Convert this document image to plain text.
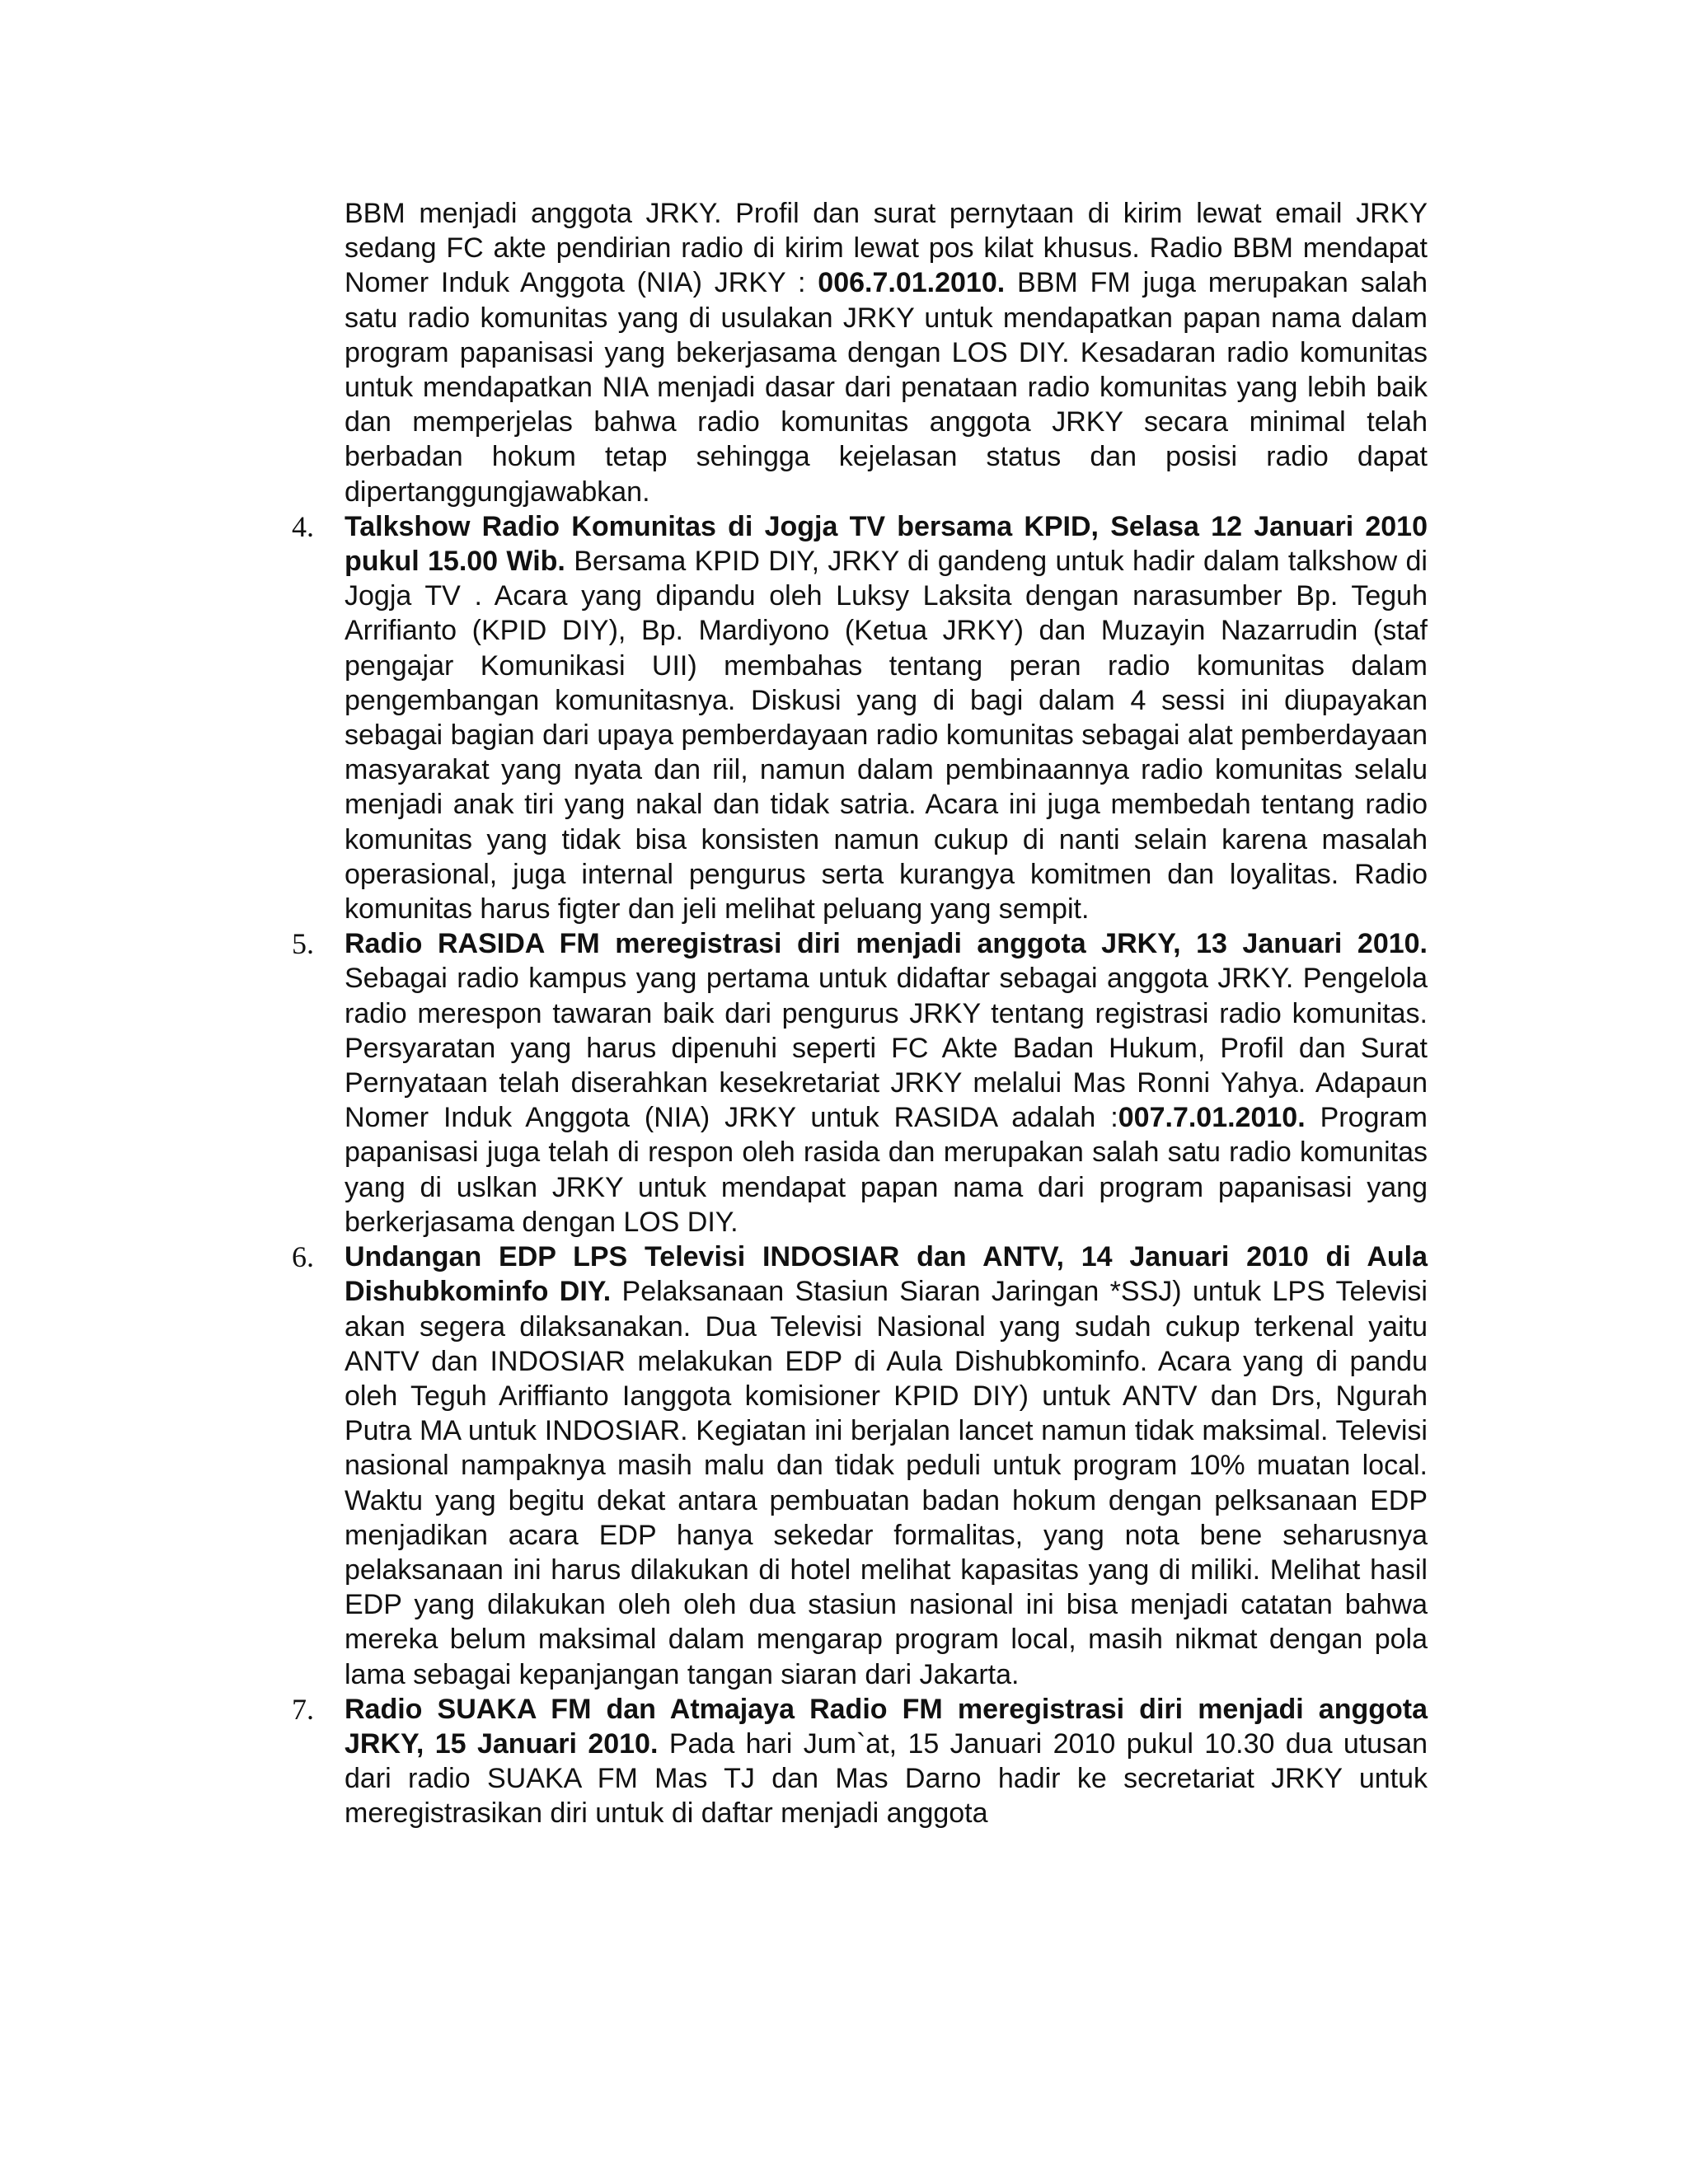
BBM menjadi anggota JRKY. Profil dan surat pernytaan di kirim lewat email JRKY sedang FC akte pendirian radio di kirim lewat pos kilat khusus. Radio BBM mendapat Nomer Induk Anggota (NIA) JRKY : 006.7.01.2010. BBM FM juga merupakan salah satu radio komunitas yang di usulakan JRKY untuk mendapatkan papan nama dalam program papanisasi yang bekerjasama dengan LOS DIY. Kesadaran radio komunitas untuk mendapatkan NIA menjadi dasar dari penataan radio komunitas yang lebih baik dan memperjelas bahwa radio komunitas anggota JRKY secara minimal telah berbadan hokum tetap sehingga kejelasan status dan posisi radio dapat dipertanggungjawabkan.

4. Talkshow Radio Komunitas di Jogja TV bersama KPID, Selasa 12 Januari 2010 pukul 15.00 Wib. Bersama KPID DIY, JRKY di gandeng untuk hadir dalam talkshow di Jogja TV . Acara yang dipandu oleh Luksy Laksita dengan narasumber Bp. Teguh Arrifianto (KPID DIY), Bp. Mardiyono (Ketua JRKY) dan Muzayin Nazarrudin (staf pengajar Komunikasi UII) membahas tentang peran radio komunitas dalam pengembangan komunitasnya. Diskusi yang di bagi dalam 4 sessi ini diupayakan sebagai bagian dari upaya pemberdayaan radio komunitas sebagai alat pemberdayaan masyarakat yang nyata dan riil, namun dalam pembinaannya radio komunitas selalu menjadi anak tiri yang nakal dan tidak satria. Acara ini juga membedah tentang radio komunitas yang tidak bisa konsisten namun cukup di nanti selain karena masalah operasional, juga internal pengurus serta kurangya komitmen dan loyalitas. Radio komunitas harus figter dan jeli melihat peluang yang sempit.

5. Radio RASIDA FM meregistrasi diri menjadi anggota JRKY, 13 Januari 2010. Sebagai radio kampus yang pertama untuk didaftar sebagai anggota JRKY. Pengelola radio merespon tawaran baik dari pengurus JRKY tentang registrasi radio komunitas. Persyaratan yang harus dipenuhi seperti FC Akte Badan Hukum, Profil dan Surat Pernyataan telah diserahkan kesekretariat JRKY melalui Mas Ronni Yahya. Adapaun Nomer Induk Anggota (NIA) JRKY untuk RASIDA adalah :007.7.01.2010. Program papanisasi juga telah di respon oleh rasida dan merupakan salah satu radio komunitas yang di uslkan JRKY untuk mendapat papan nama dari program papanisasi yang berkerjasama dengan LOS DIY.

6. Undangan EDP LPS Televisi INDOSIAR dan ANTV, 14 Januari 2010 di Aula Dishubkominfo DIY. Pelaksanaan Stasiun Siaran Jaringan *SSJ) untuk LPS Televisi akan segera dilaksanakan. Dua Televisi Nasional yang sudah cukup terkenal yaitu ANTV dan INDOSIAR melakukan EDP di Aula Dishubkominfo. Acara yang di pandu oleh Teguh Ariffianto Ianggota komisioner KPID DIY) untuk ANTV dan Drs, Ngurah Putra MA untuk INDOSIAR. Kegiatan ini berjalan lancet namun tidak maksimal. Televisi nasional nampaknya masih malu dan tidak peduli untuk program 10% muatan local. Waktu yang begitu dekat antara pembuatan badan hokum dengan pelksanaan EDP menjadikan acara EDP hanya sekedar formalitas, yang nota bene seharusnya pelaksanaan ini harus dilakukan di hotel melihat kapasitas yang di miliki. Melihat hasil EDP yang dilakukan oleh oleh dua stasiun nasional ini bisa menjadi catatan bahwa mereka belum maksimal dalam mengarap program local, masih nikmat dengan pola lama sebagai kepanjangan tangan siaran dari Jakarta.

7. Radio SUAKA FM dan Atmajaya Radio FM meregistrasi diri menjadi anggota JRKY, 15 Januari 2010. Pada hari Jum`at, 15 Januari 2010 pukul 10.30 dua utusan dari radio SUAKA FM Mas TJ dan Mas Darno hadir ke secretariat JRKY untuk meregistrasikan diri untuk di daftar menjadi anggota
